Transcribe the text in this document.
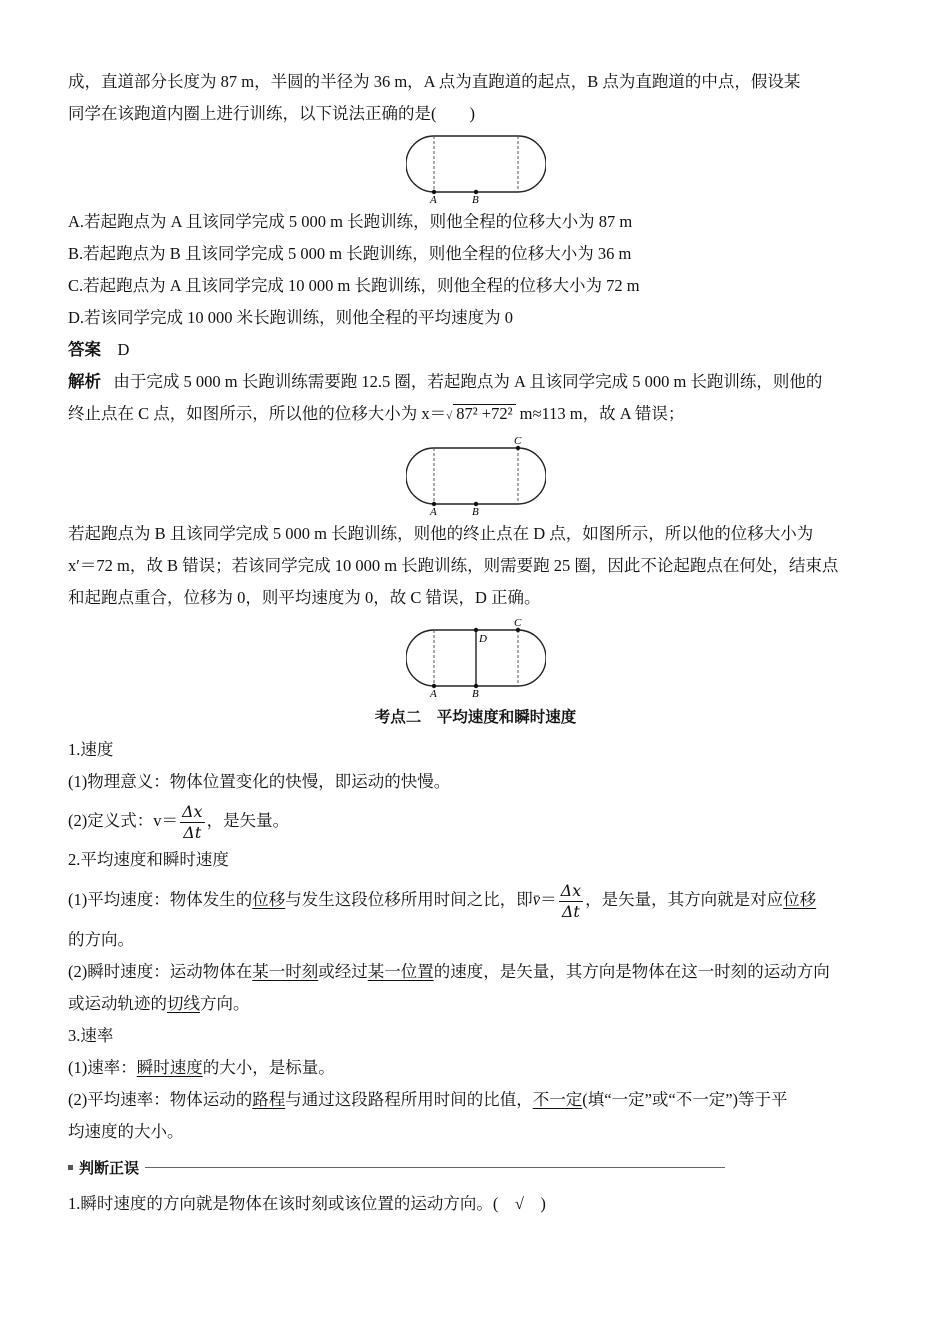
成，直道部分长度为 87 m，半圆的半径为 36 m，A 点为直跑道的起点，B 点为直跑道的中点，假设某

同学在该跑道内圈上进行训练，以下说法正确的是(　　)

A	B

A.若起跑点为 A 且该同学完成 5 000 m 长跑训练，则他全程的位移大小为 87 m

B.若起跑点为 B 且该同学完成 5 000 m 长跑训练，则他全程的位移大小为 36 m

C.若起跑点为 A 且该同学完成 10 000 m 长跑训练，则他全程的位移大小为 72 m

D.若该同学完成 10 000 米长跑训练，则他全程的平均速度为 0

答案 D

解析 由于完成 5 000 m 长跑训练需要跑 12.5 圈，若起跑点为 A 且该同学完成 5 000 m 长跑训练，则他的

终止点在 C 点，如图所示，所以他的位移大小为 x＝√ 87² +72² m≈113 m，故 A 错误；

C
A	B

若起跑点为 B 且该同学完成 5 000 m 长跑训练，则他的终止点在 D 点，如图所示，所以他的位移大小为

x′＝72 m，故 B 错误；若该同学完成 10 000 m 长跑训练，则需要跑 25 圈，因此不论起跑点在何处，结束点

和起跑点重合，位移为 0，则平均速度为 0，故 C 错误，D 正确。

C
D
A	B
考点二　平均速度和瞬时速度

1.速度

(1)物理意义：物体位置变化的快慢，即运动的快慢。

(2)定义式：$v= \frac{\Delta x}{\Delta t}$ ，是矢量。

2.平均速度和瞬时速度

(1)平均速度：物体发生的位移与发生这段位移所用时间之比，即v̄＝ $\frac{\Delta x}{\Delta t}$ ，是矢量，其方向就是对应位移

的方向。

(2)瞬时速度：运动物体在某一时刻或经过某一位置的速度，是矢量，其方向是物体在这一时刻的运动方向

或运动轨迹的切线方向。

3.速率

(1)速率：瞬时速度的大小，是标量。

(2)平均速率：物体运动的路程与通过这段路程所用时间的比值，不一定(填“一定”或“不一定”)等于平

均速度的大小。

判断正误

1.瞬时速度的方向就是物体在该时刻或该位置的运动方向。(　√　)
